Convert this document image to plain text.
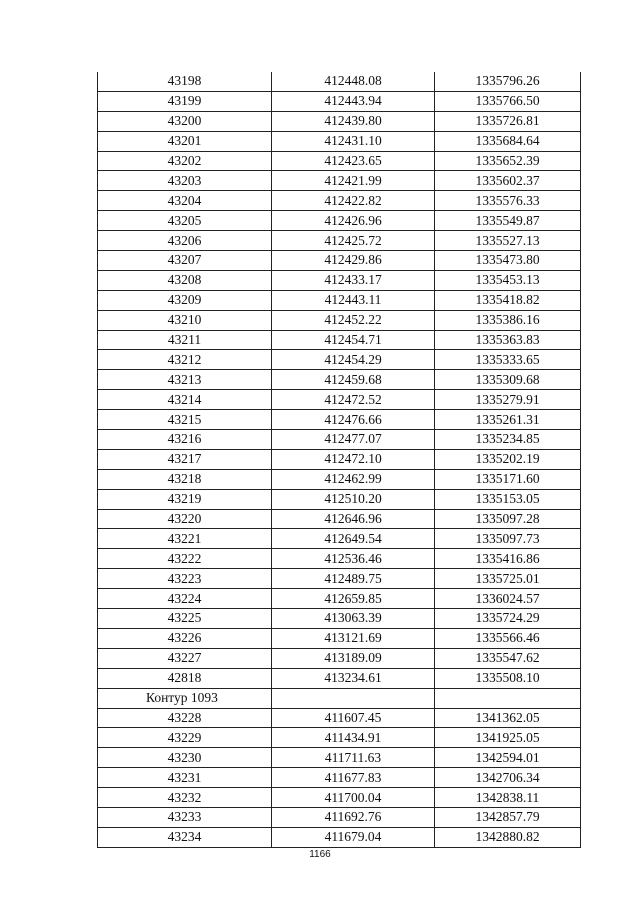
43198	412448.08	1335796.26
43199	412443.94	1335766.50
43200	412439.80	1335726.81
43201	412431.10	1335684.64
43202	412423.65	1335652.39
43203	412421.99	1335602.37
43204	412422.82	1335576.33
43205	412426.96	1335549.87
43206	412425.72	1335527.13
43207	412429.86	1335473.80
43208	412433.17	1335453.13
43209	412443.11	1335418.82
43210	412452.22	1335386.16
43211	412454.71	1335363.83
43212	412454.29	1335333.65
43213	412459.68	1335309.68
43214	412472.52	1335279.91
43215	412476.66	1335261.31
43216	412477.07	1335234.85
43217	412472.10	1335202.19
43218	412462.99	1335171.60
43219	412510.20	1335153.05
43220	412646.96	1335097.28
43221	412649.54	1335097.73
43222	412536.46	1335416.86
43223	412489.75	1335725.01
43224	412659.85	1336024.57
43225	413063.39	1335724.29
43226	413121.69	1335566.46
43227	413189.09	1335547.62
42818	413234.61	1335508.10
Контур 1093		
43228	411607.45	1341362.05
43229	411434.91	1341925.05
43230	411711.63	1342594.01
43231	411677.83	1342706.34
43232	411700.04	1342838.11
43233	411692.76	1342857.79
43234	411679.04	1342880.82
1166
